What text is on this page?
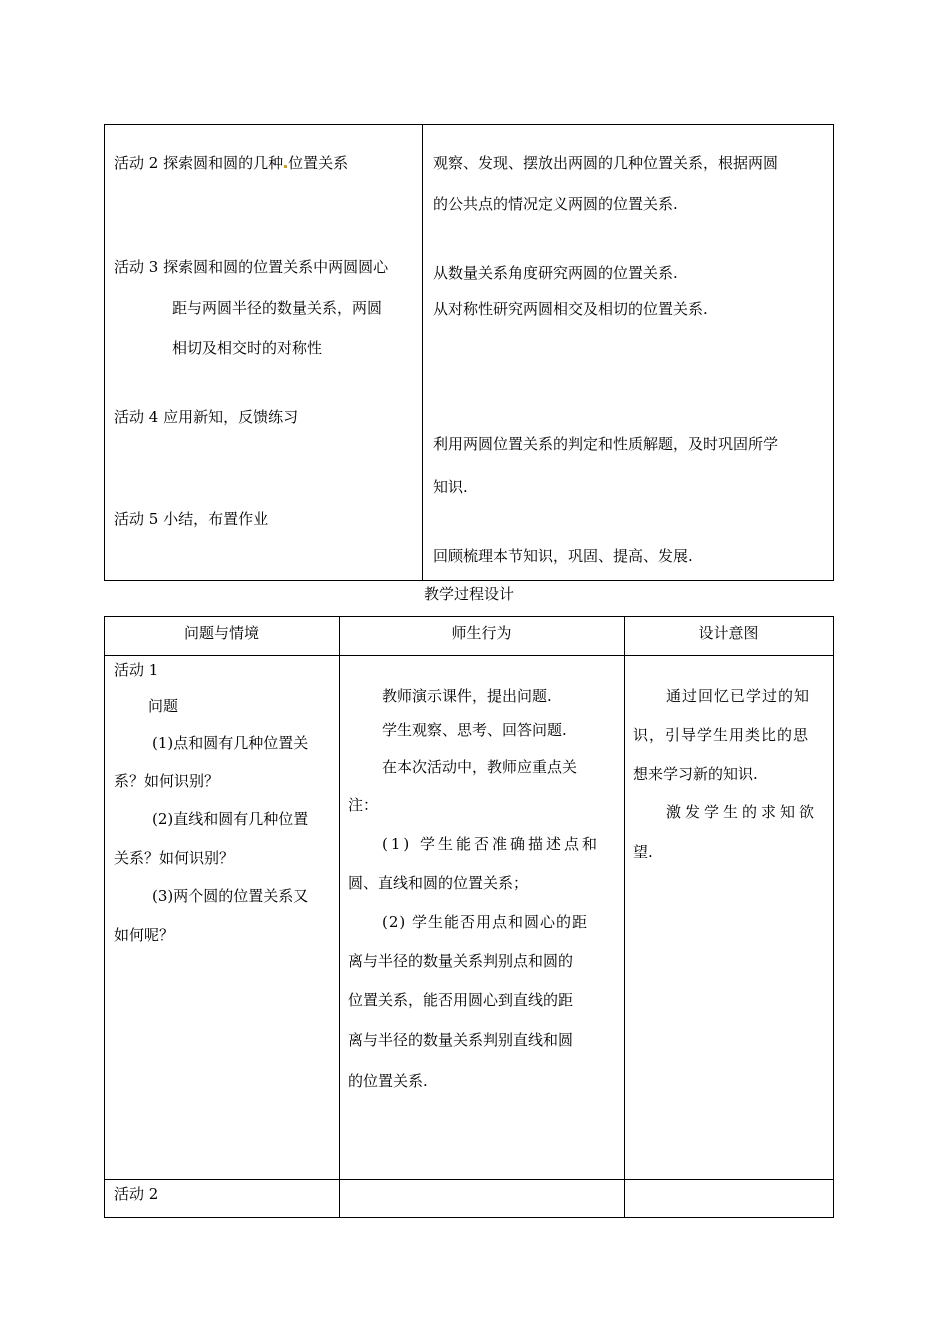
活动 2 探索圆和圆的几种 位置关系
活动 3 探索圆和圆的位置关系中两圆圆心
距与两圆半径的数量关系，两圆
相切及相交时的对称性
活动 4 应用新知，反馈练习
活动 5 小结，布置作业
观察、发现、摆放出两圆的几种位置关系，根据两圆
的公共点的情况定义两圆的位置关系.
从数量关系角度研究两圆的位置关系.
从对称性研究两圆相交及相切的位置关系.
利用两圆位置关系的判定和性质解题，及时巩固所学
知识.
回顾梳理本节知识，巩固、提高、发展.
教学过程设计
问题与情境	师生行为	设计意图
活动 1
问题
(1)点和圆有几种位置关
系？如何识别？
(2)直线和圆有几种位置
关系？如何识别？
(3)两个圆的位置关系又
如何呢？
教师演示课件，提出问题.
学生观察、思考、回答问题.
在本次活动中，教师应重点关
注：
(1) 学生能否准确描述点和
圆、直线和圆的位置关系；
(2) 学生能否用点和圆心的距
离与半径的数量关系判别点和圆的
位置关系，能否用圆心到直线的距
离与半径的数量关系判别直线和圆
的位置关系.
通过回忆已学过的知
识，引导学生用类比的思
想来学习新的知识.
激发学生的求知欲
望.
活动 2
